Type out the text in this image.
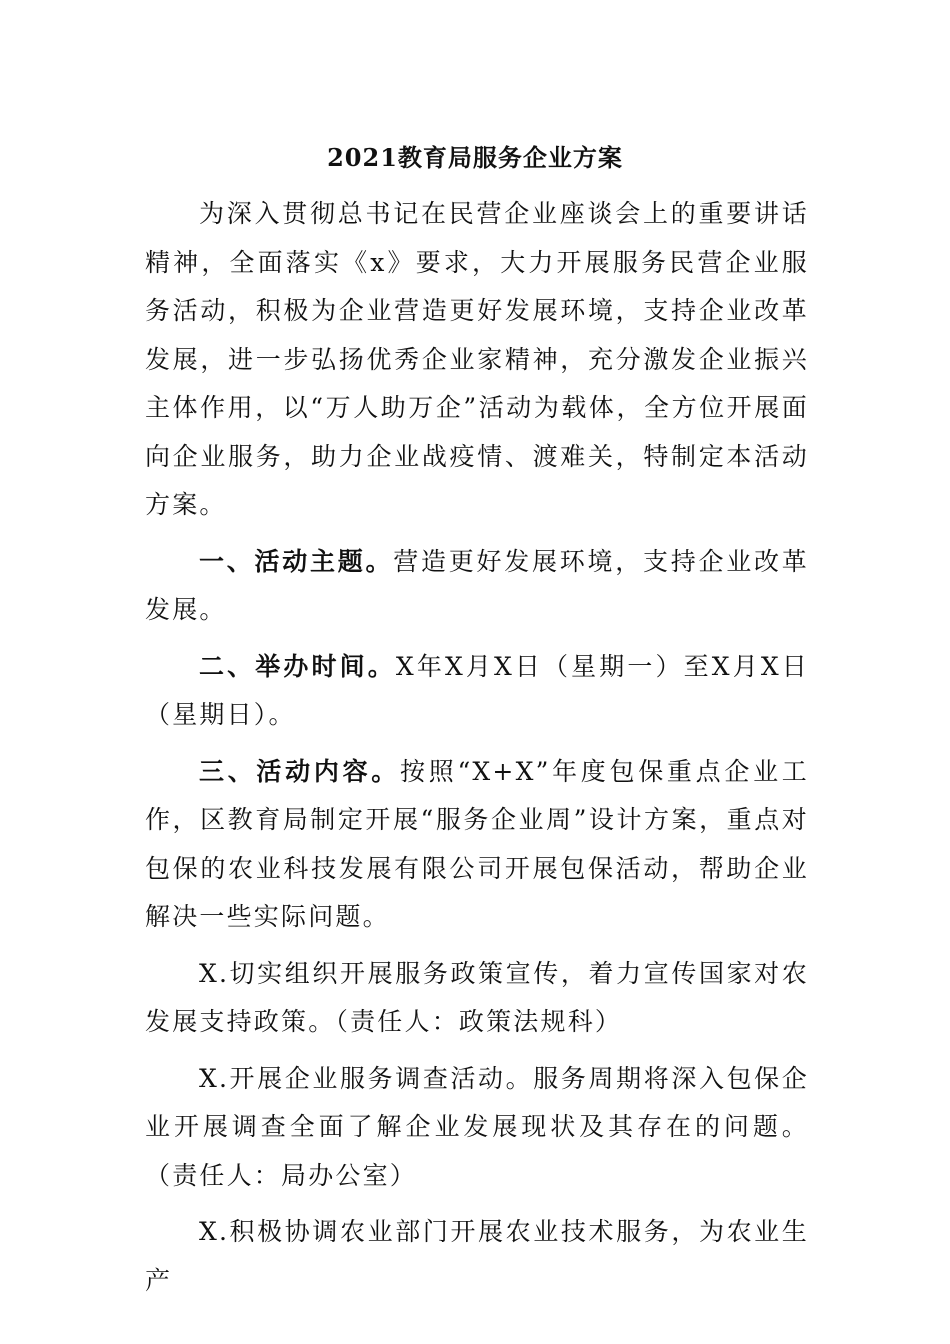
2021教育局服务企业方案

为深入贯彻总书记在民营企业座谈会上的重要讲话精神，全面落实《x》要求，大力开展服务民营企业服务活动，积极为企业营造更好发展环境，支持企业改革发展，进一步弘扬优秀企业家精神，充分激发企业振兴主体作用，以“万人助万企”活动为载体，全方位开展面向企业服务，助力企业战疫情、渡难关，特制定本活动方案。

一、活动主题。营造更好发展环境，支持企业改革发展。

二、举办时间。X年X月X日（星期一）至X月X日（星期日）。

三、活动内容。按照“X+X”年度包保重点企业工作，区教育局制定开展“服务企业周”设计方案，重点对包保的农业科技发展有限公司开展包保活动，帮助企业解决一些实际问题。

X.切实组织开展服务政策宣传，着力宣传国家对农发展支持政策。（责任人：政策法规科）

X.开展企业服务调查活动。服务周期将深入包保企业开展调查全面了解企业发展现状及其存在的问题。（责任人：局办公室）

X.积极协调农业部门开展农业技术服务，为农业生产
